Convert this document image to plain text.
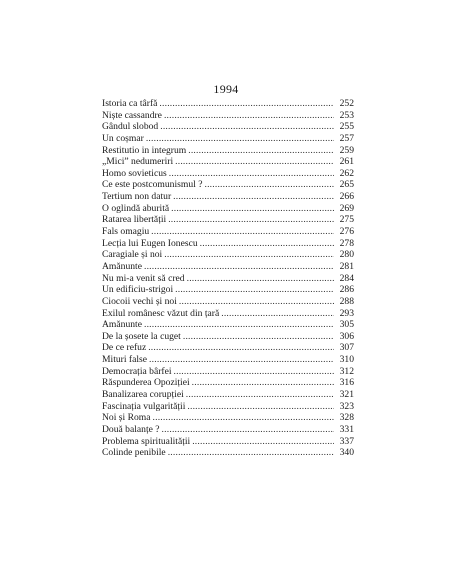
1994
Istoria ca târfă .....	252
Niște cassandre .....	253
Gândul slobod .....	255
Un coșmar .....	257
Restitutio in integrum .....	259
„Mici” nedumeriri .....	261
Homo sovieticus .....	262
Ce este postcomunismul ? .....	265
Tertium non datur .....	266
O oglindă aburită .....	269
Ratarea libertății .....	275
Fals omagiu .....	276
Lecția lui Eugen Ionescu .....	278
Caragiale și noi .....	280
Amănunte .....	281
Nu mi-a venit să cred .....	284
Un edificiu-strigoi .....	286
Ciocoii vechi și noi .....	288
Exilul românesc văzut din țară .....	293
Amănunte .....	305
De la șosete la cuget .....	306
De ce refuz .....	307
Mituri false .....	310
Democrația bârfei .....	312
Răspunderea Opoziției .....	316
Banalizarea corupției .....	321
Fascinația vulgarității .....	323
Noi și Roma .....	328
Două balanțe ? .....	331
Problema spiritualității .....	337
Colinde penibile .....	340
